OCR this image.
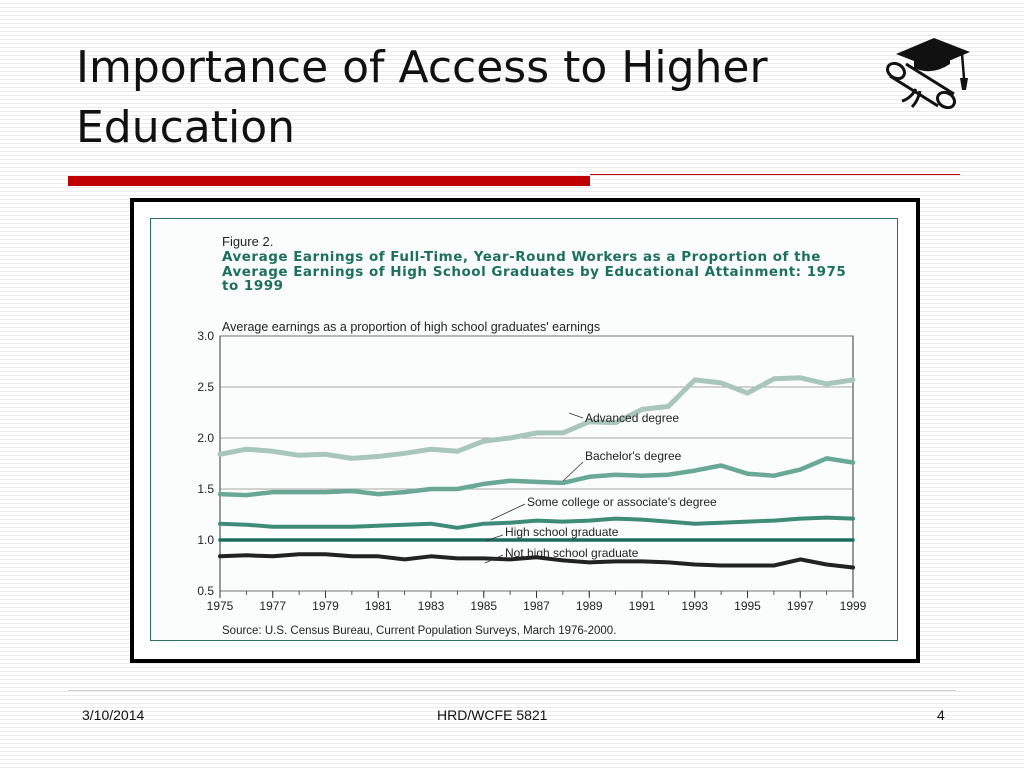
Importance of Access to Higher Education
Figure 2.
Average Earnings of Full-Time, Year-Round Workers as a Proportion of the Average Earnings of High School Graduates by Educational Attainment: 1975 to 1999
Average earnings as a proportion of high school graduates' earnings
0.5
1.0
1.5
2.0
2.5
3.0
1975 1977 1979 1981 1983 1985 1987 1989 1991 1993 1995 1997 1999
Advanced degree
Bachelor's degree
Some college or associate's degree
High school graduate
Not high school graduate
Source: U.S. Census Bureau, Current Population Surveys, March 1976-2000.
3/10/2014	HRD/WCFE 5821	4
